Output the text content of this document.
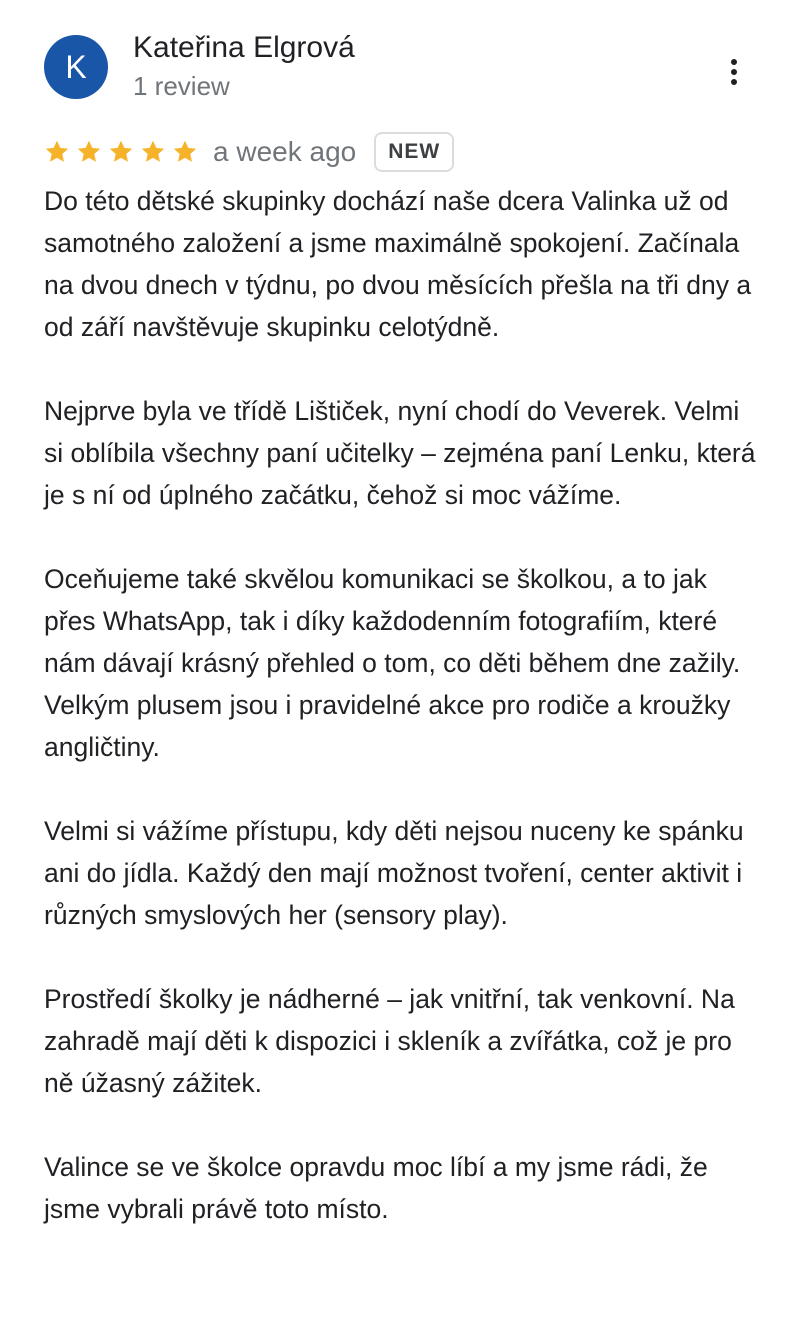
K
Kateřina Elgrová
1 review
a week ago	NEW

Do této dětské skupinky dochází naše dcera Valinka už od samotného založení a jsme maximálně spokojení. Začínala na dvou dnech v týdnu, po dvou měsících přešla na tři dny a od září navštěvuje skupinku celotýdně.

Nejprve byla ve třídě Lištiček, nyní chodí do Veverek. Velmi si oblíbila všechny paní učitelky – zejména paní Lenku, která je s ní od úplného začátku, čehož si moc vážíme.

Oceňujeme také skvělou komunikaci se školkou, a to jak přes WhatsApp, tak i díky každodenním fotografiím, které nám dávají krásný přehled o tom, co děti během dne zažily. Velkým plusem jsou i pravidelné akce pro rodiče a kroužky angličtiny.

Velmi si vážíme přístupu, kdy děti nejsou nuceny ke spánku ani do jídla. Každý den mají možnost tvoření, center aktivit i různých smyslových her (sensory play).

Prostředí školky je nádherné – jak vnitřní, tak venkovní. Na zahradě mají děti k dispozici i skleník a zvířátka, což je pro ně úžasný zážitek.

Valince se ve školce opravdu moc líbí a my jsme rádi, že jsme vybrali právě toto místo.
